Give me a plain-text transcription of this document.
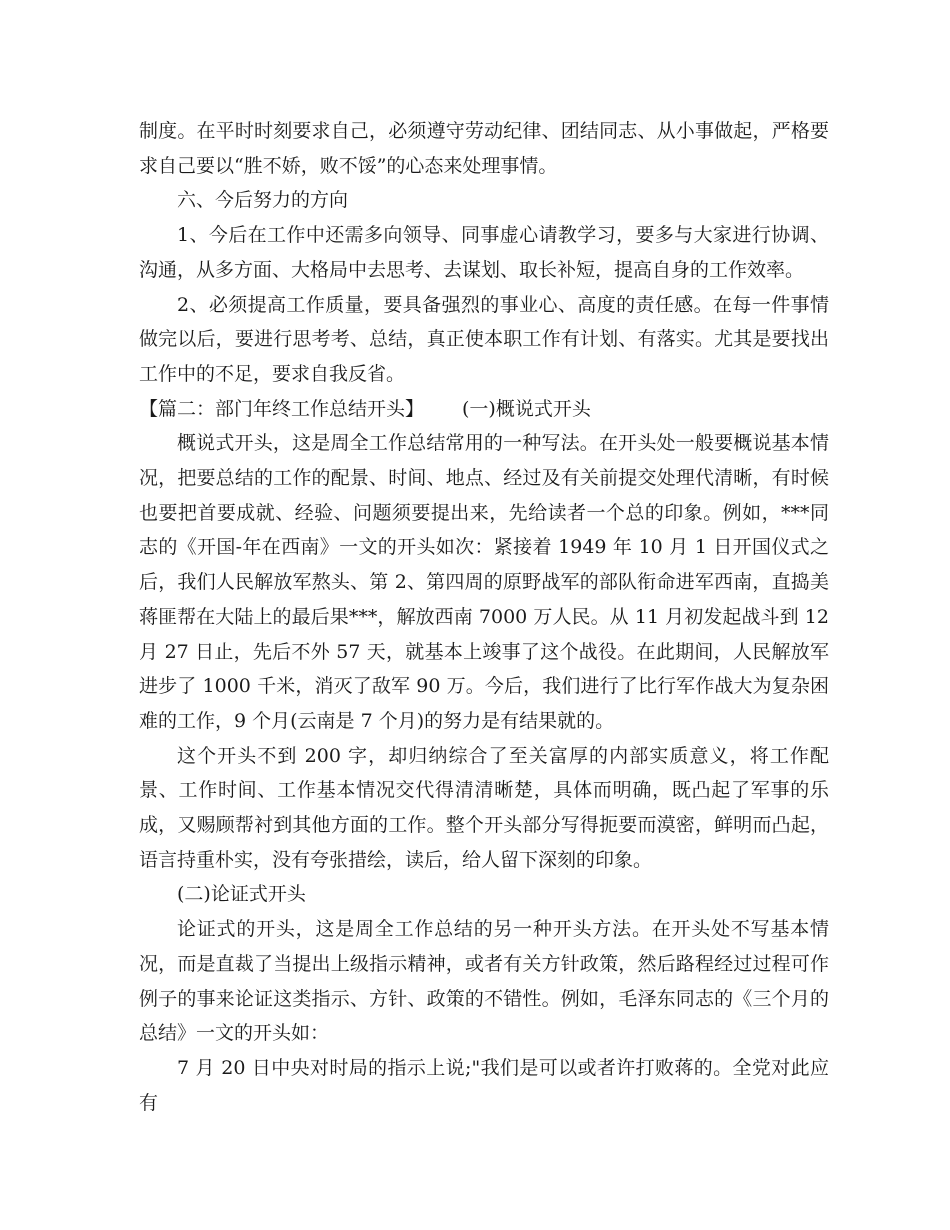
制度。在平时时刻要求自己，必须遵守劳动纪律、团结同志、从小事做起，严格要求自己要以“胜不娇，败不馁”的心态来处理事情。

六、今后努力的方向

1、今后在工作中还需多向领导、同事虚心请教学习，要多与大家进行协调、沟通，从多方面、大格局中去思考、去谋划、取长补短，提高自身的工作效率。

2、必须提高工作质量，要具备强烈的事业心、高度的责任感。在每一件事情做完以后，要进行思考考、总结，真正使本职工作有计划、有落实。尤其是要找出工作中的不足，要求自我反省。

【篇二：部门年终工作总结开头】 (一)概说式开头

概说式开头，这是周全工作总结常用的一种写法。在开头处一般要概说基本情况，把要总结的工作的配景、时间、地点、经过及有关前提交处理代清晰，有时候也要把首要成就、经验、问题须要提出来，先给读者一个总的印象。例如，***同志的《开国-年在西南》一文的开头如次：紧接着 1949 年 10 月 1 日开国仪式之后，我们人民解放军熬头、第 2、第四周的原野战军的部队衔命进军西南，直捣美蒋匪帮在大陆上的最后果***，解放西南 7000 万人民。从 11 月初发起战斗到 12 月 27 日止，先后不外 57 天，就基本上竣事了这个战役。在此期间，人民解放军进步了 1000 千米，消灭了敌军 90 万。今后，我们进行了比行军作战大为复杂困难的工作，9 个月(云南是 7 个月)的努力是有结果就的。

这个开头不到 200 字，却归纳综合了至关富厚的内部实质意义，将工作配景、工作时间、工作基本情况交代得清清晰楚，具体而明确，既凸起了军事的乐成，又赐顾帮衬到其他方面的工作。整个开头部分写得扼要而漠密，鲜明而凸起，语言持重朴实，没有夸张措绘，读后，给人留下深刻的印象。

(二)论证式开头

论证式的开头，这是周全工作总结的另一种开头方法。在开头处不写基本情况，而是直裁了当提出上级指示精神，或者有关方针政策，然后路程经过过程可作例子的事来论证这类指示、方针、政策的不错性。例如，毛泽东同志的《三个月的总结》一文的开头如：

7 月 20 日中央对时局的指示上说;"我们是可以或者许打败蒋的。全党对此应有
